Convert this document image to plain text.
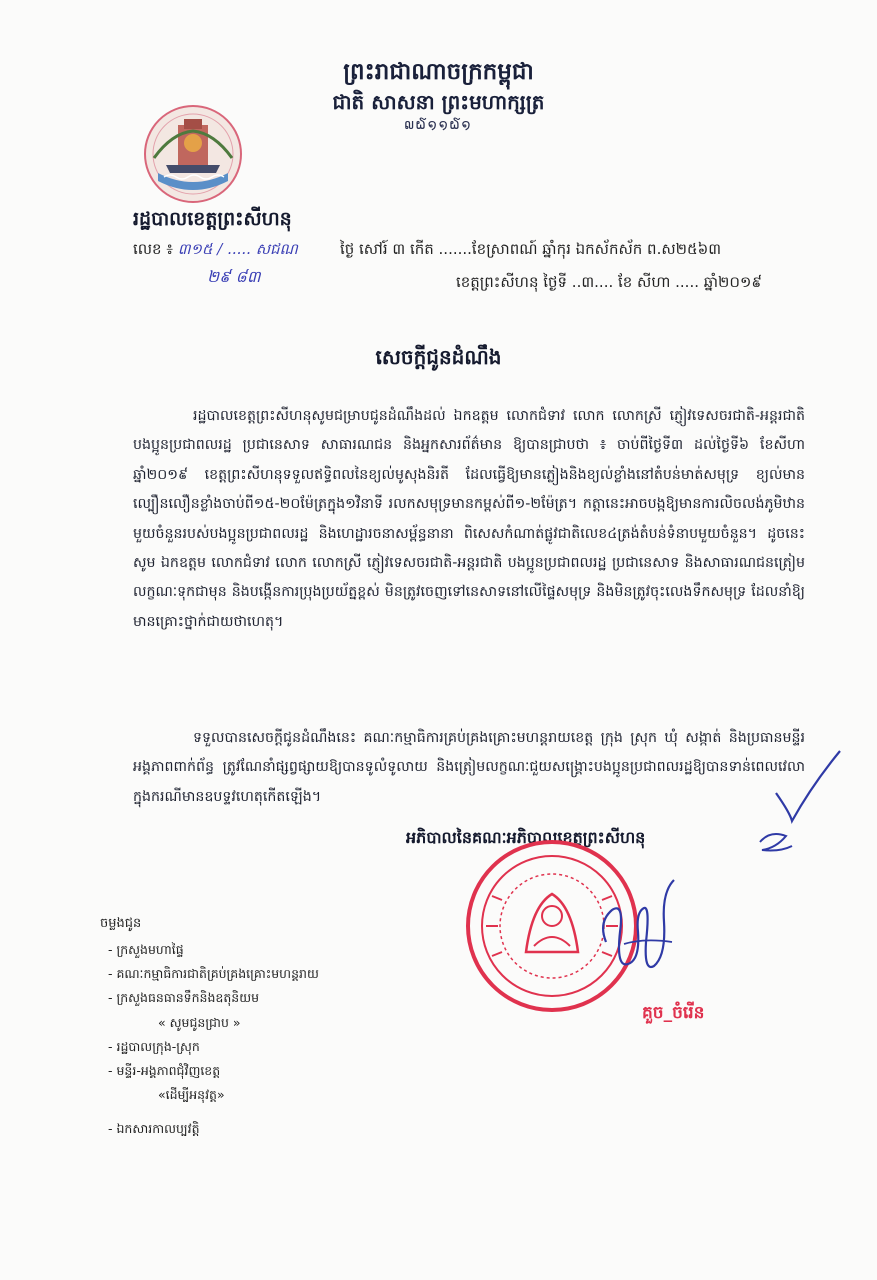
ព្រះរាជាណាចក្រកម្ពុជា
ជាតិ សាសនា ព្រះមហាក្សត្រ
໙໖໑໑໖໑
រដ្ឋបាលខេត្តព្រះសីហនុ
លេខ ៖ ៣១៥ / ..... សជណ
២៩ ៨៣
ថ្ងៃ សៅរ៍ ៣ កើត .......ខែស្រាពណ៍ ឆ្នាំកុរ ឯកស័កស័ក ព.ស២៥៦៣
ខេត្តព្រះសីហនុ ថ្ងៃទី ..៣.... ខែ សីហា ..... ឆ្នាំ២០១៩
សេចក្តីជូនដំណឹង

រដ្ឋបាលខេត្តព្រះសីហនុសូមជម្រាបជូនដំណឹងដល់ ឯកឧត្តម លោកជំទាវ លោក លោកស្រី ភ្ញៀវទេសចរជាតិ-អន្តរជាតិ បងប្អូនប្រជាពលរដ្ឋ ប្រជានេសាទ សាធារណជន និងអ្នកសារព័ត៌មាន ឱ្យបានជ្រាបថា ៖ ចាប់ពីថ្ងៃទី៣ ដល់ថ្ងៃទី៦ ខែសីហា ឆ្នាំ២០១៩ ខេត្តព្រះសីហនុទទួលឥទ្ធិពលនៃខ្យល់មូសុងនិរតី ដែលធ្វើឱ្យមានភ្លៀងនិងខ្យល់ខ្លាំងនៅតំបន់មាត់សមុទ្រ ខ្យល់មានល្បឿនលឿនខ្លាំងចាប់ពី១៥-២០ម៉ែត្រក្នុង១វិនាទី រលកសមុទ្រមានកម្ពស់ពី១-២ម៉ែត្រ។ កត្តានេះអាចបង្កឱ្យមានការលិចលង់ភូមិឋានមួយចំនួនរបស់បងប្អូនប្រជាពលរដ្ឋ និងហេដ្ឋារចនាសម្ព័ន្ធនានា ពិសេសកំណាត់ផ្លូវជាតិលេខ៤ត្រង់តំបន់ទំនាបមួយចំនួន។ ដូចនេះសូម ឯកឧត្តម លោកជំទាវ លោក លោកស្រី ភ្ញៀវទេសចរជាតិ-អន្តរជាតិ បងប្អូនប្រជាពលរដ្ឋ ប្រជានេសាទ និងសាធារណជនត្រៀមលក្ខណៈទុកជាមុន និងបង្កើនការប្រុងប្រយ័ត្នខ្ពស់ មិនត្រូវចេញទៅនេសាទនៅលើផ្ទៃសមុទ្រ និងមិនត្រូវចុះលេងទឹកសមុទ្រ ដែលនាំឱ្យមានគ្រោះថ្នាក់ជាយថាហេតុ។

ទទួលបានសេចក្តីជូនដំណឹងនេះ គណៈកម្មាធិការគ្រប់គ្រងគ្រោះមហន្តរាយខេត្ត ក្រុង ស្រុក ឃុំ សង្កាត់ និងប្រធានមន្ទីរ អង្គភាពពាក់ព័ន្ធ ត្រូវណែនាំផ្សព្វផ្សាយឱ្យបានទូលំទូលាយ និងត្រៀមលក្ខណៈជួយសង្គ្រោះបងប្អូនប្រជាពលរដ្ឋឱ្យបានទាន់ពេលវេលាក្នុងករណីមានឧបទ្ទវហេតុកើតឡើង។

អភិបាលនៃគណៈអភិបាលខេត្តព្រះសីហនុ
គួច_ចំរើន
ចម្លងជូន
- ក្រសួងមហាផ្ទៃ
- គណៈកម្មាធិការជាតិគ្រប់គ្រងគ្រោះមហន្តរាយ
- ក្រសួងធនធានទឹកនិងឧតុនិយម
« សូមជូនជ្រាប »
- រដ្ឋបាលក្រុង-ស្រុក
- មន្ទីរ-អង្គភាពជុំវិញខេត្ត
«ដើម្បីអនុវត្ត»
- ឯកសារកាលប្បវត្តិ
